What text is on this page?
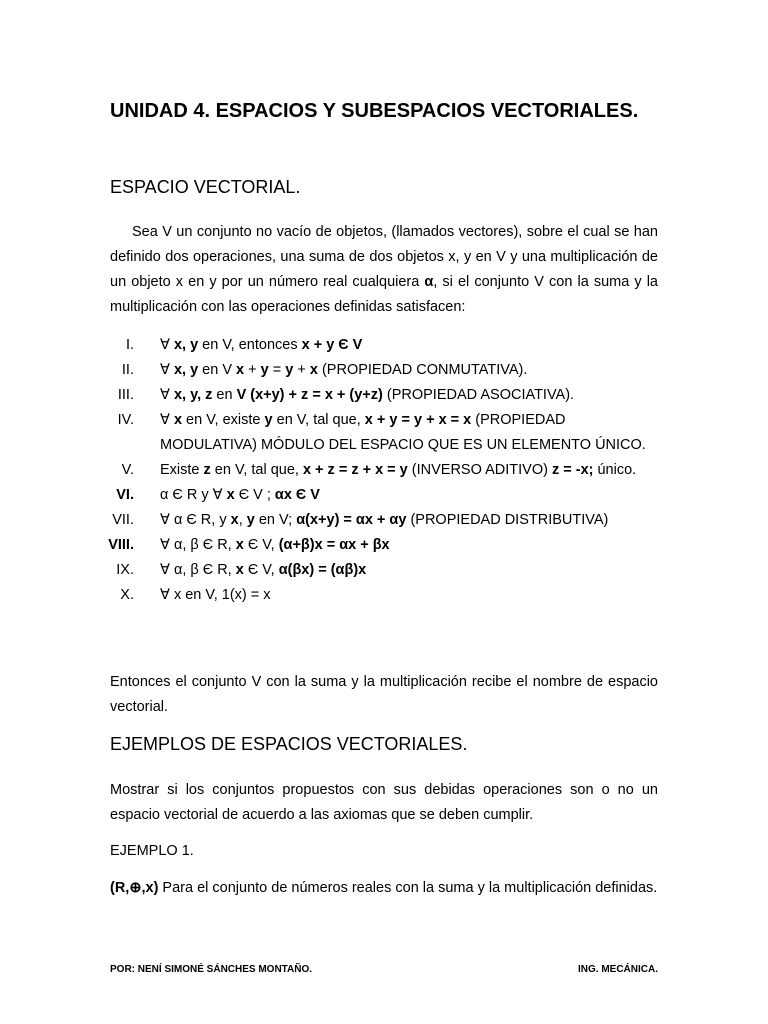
UNIDAD 4. ESPACIOS Y SUBESPACIOS VECTORIALES.
ESPACIO VECTORIAL.

Sea V un conjunto no vacío de objetos, (llamados vectores), sobre el cual se han definido dos operaciones, una suma de dos objetos x, y en V y una multiplicación de un objeto x en y por un número real cualquiera α, si el conjunto V con la suma y la multiplicación con las operaciones definidas satisfacen:

I. ∀ x, y en V, entonces x + y Є V
II. ∀ x, y en V x + y = y + x (PROPIEDAD CONMUTATIVA).
III. ∀ x, y, z en V (x+y) + z = x + (y+z) (PROPIEDAD ASOCIATIVA).
IV. ∀ x en V, existe y en V, tal que, x + y = y + x = x (PROPIEDAD MODULATIVA) MÓDULO DEL ESPACIO QUE ES UN ELEMENTO ÚNICO.
V. Existe z en V, tal que, x + z = z + x = y (INVERSO ADITIVO) z = -x; único.
VI. α Є R y ∀ x Є V ; αx Є V
VII. ∀ α Є R, y x, y en V; α(x+y) = αx + αy (PROPIEDAD DISTRIBUTIVA)
VIII. ∀ α, β Є R, x Є V, (α+β)x = αx + βx
IX. ∀ α, β Є R, x Є V, α(βx) = (αβ)x
X. ∀ x en V, 1(x) = x

Entonces el conjunto V con la suma y la multiplicación recibe el nombre de espacio vectorial.

EJEMPLOS DE ESPACIOS VECTORIALES.

Mostrar si los conjuntos propuestos con sus debidas operaciones son o no un espacio vectorial de acuerdo a las axiomas que se deben cumplir.

EJEMPLO 1.

(R,⊕,x) Para el conjunto de números reales con la suma y la multiplicación definidas.

POR: NENÍ SIMONÉ SÁNCHES MONTAÑO.	ING. MECÁNICA.
